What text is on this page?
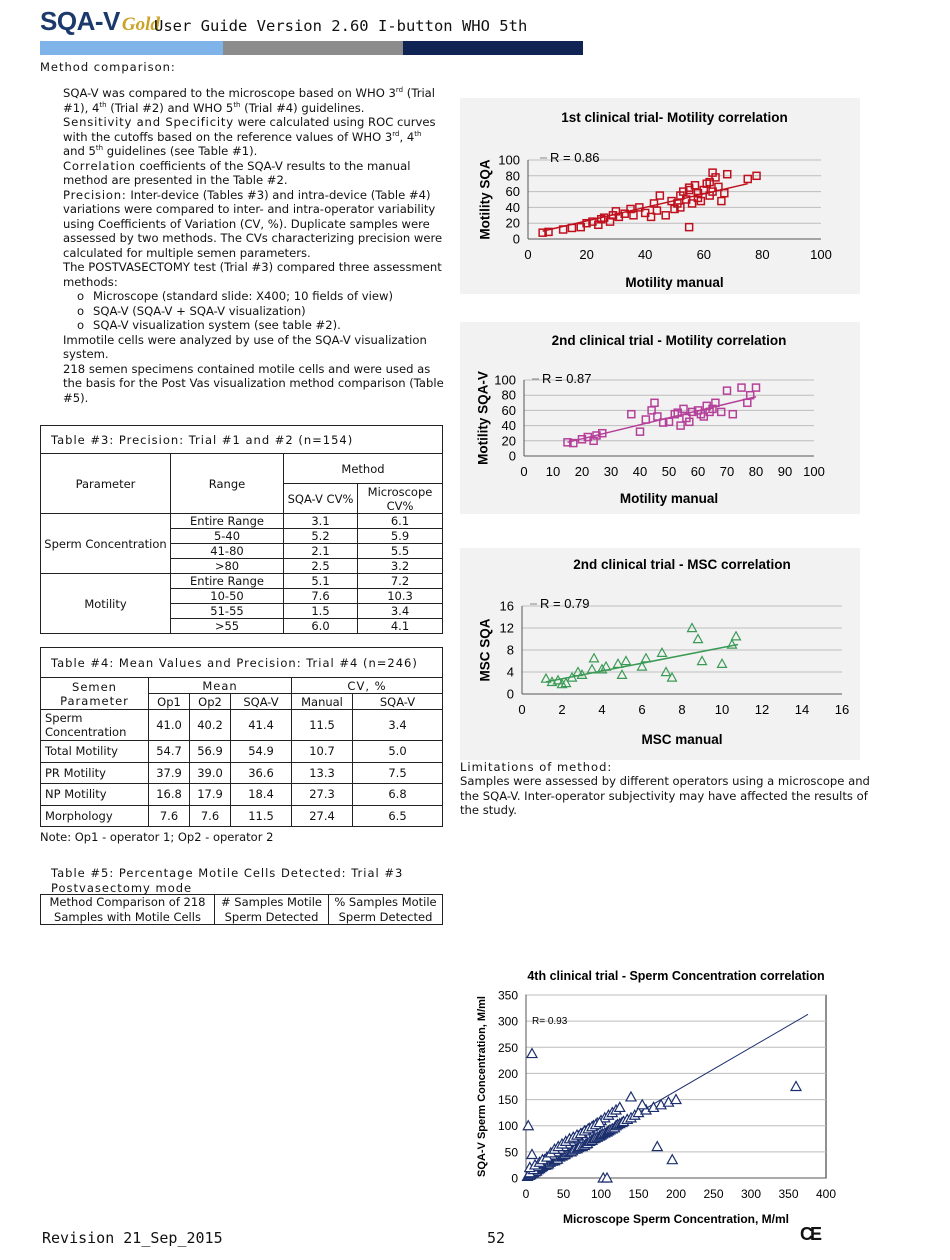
SQA-V Gold
User Guide Version 2.60 I-button WHO 5th
Method comparison:

SQA-V was compared to the microscope based on WHO 3rd (Trial #1), 4th (Trial #2) and WHO 5th (Trial #4) guidelines.

Sensitivity and Specificity were calculated using ROC curves with the cutoffs based on the reference values of WHO 3rd, 4th and 5th guidelines (see Table #1).

Correlation coefficients of the SQA-V results to the manual method are presented in the Table #2.

Precision: Inter-device (Tables #3) and intra-device (Table #4) variations were compared to inter- and intra-operator variability using Coefficients of Variation (CV, %). Duplicate samples were assessed by two methods. The CVs characterizing precision were calculated for multiple semen parameters.

The POSTVASECTOMY test (Trial #3) compared three assessment methods:

o Microscope (standard slide: X400; 10 fields of view)
o SQA-V (SQA-V + SQA-V visualization)
o SQA-V visualization system (see table #2).

Immotile cells were analyzed by use of the SQA-V visualization system.

218 semen specimens contained motile cells and were used as the basis for the Post Vas visualization method comparison (Table #5).

Table #3: Precision: Trial #1 and #2 (n=154)			
Parameter	Range	Method	
		SQA-V CV%	Microscope CV%
Sperm Concentration	Entire Range	3.1	6.1
	5-40	5.2	5.9
	41-80	2.1	5.5
	>80	2.5	3.2
Motility	Entire Range	5.1	7.2
	10-50	7.6	10.3
	51-55	1.5	3.4
	>55	6.0	4.1
Table #4: Mean Values and Precision: Trial #4 (n=246)					
Semen Parameter	Mean			CV, %	
	Op1	Op2	SQA-V	Manual	SQA-V
Sperm Concentration	41.0	40.2	41.4	11.5	3.4
Total Motility	54.7	56.9	54.9	10.7	5.0
PR Motility	37.9	39.0	36.6	13.3	7.5
NP Motility	16.8	17.9	18.4	27.3	6.8
Morphology	7.6	7.6	11.5	27.4	6.5
Note: Op1 - operator 1; Op2 - operator 2
Table #5: Percentage Motile Cells Detected: Trial #3
Postvasectomy mode
Method Comparison of 218 Samples with Motile Cells	# Samples Motile Sperm Detected	% Samples Motile Sperm Detected
0
20
40
60
80
100
0	20	40	60	80	100
1st clinical trial- Motility correlation
Motility manual
Motility SQA
R = 0.86
0
20
40
60
80
100
0 10 20 30 40 50 60 70 80 90 100
2nd clinical trial - Motility correlation
Motility manual
Motility SQA-V	R = 0.87
0
4
8
12
16
0	2	4	6	8 10 12 14 16
2nd clinical trial - MSC correlation
MSC manual
MSC SQA
R = 0.79
0
50
100
150
200
250
300
350
0 50 100 150 200 250 300 350 400
4th clinical trial - Sperm Concentration correlation
Microscope Sperm Concentration, M/ml
SQA-V Sperm Concentration, M/ml	R= 0.93
Limitations of method:
Samples were assessed by different operators using a microscope and the SQA-V. Inter-operator subjectivity may have affected the results of the study.
Revision 21_Sep_2015	52	CE
